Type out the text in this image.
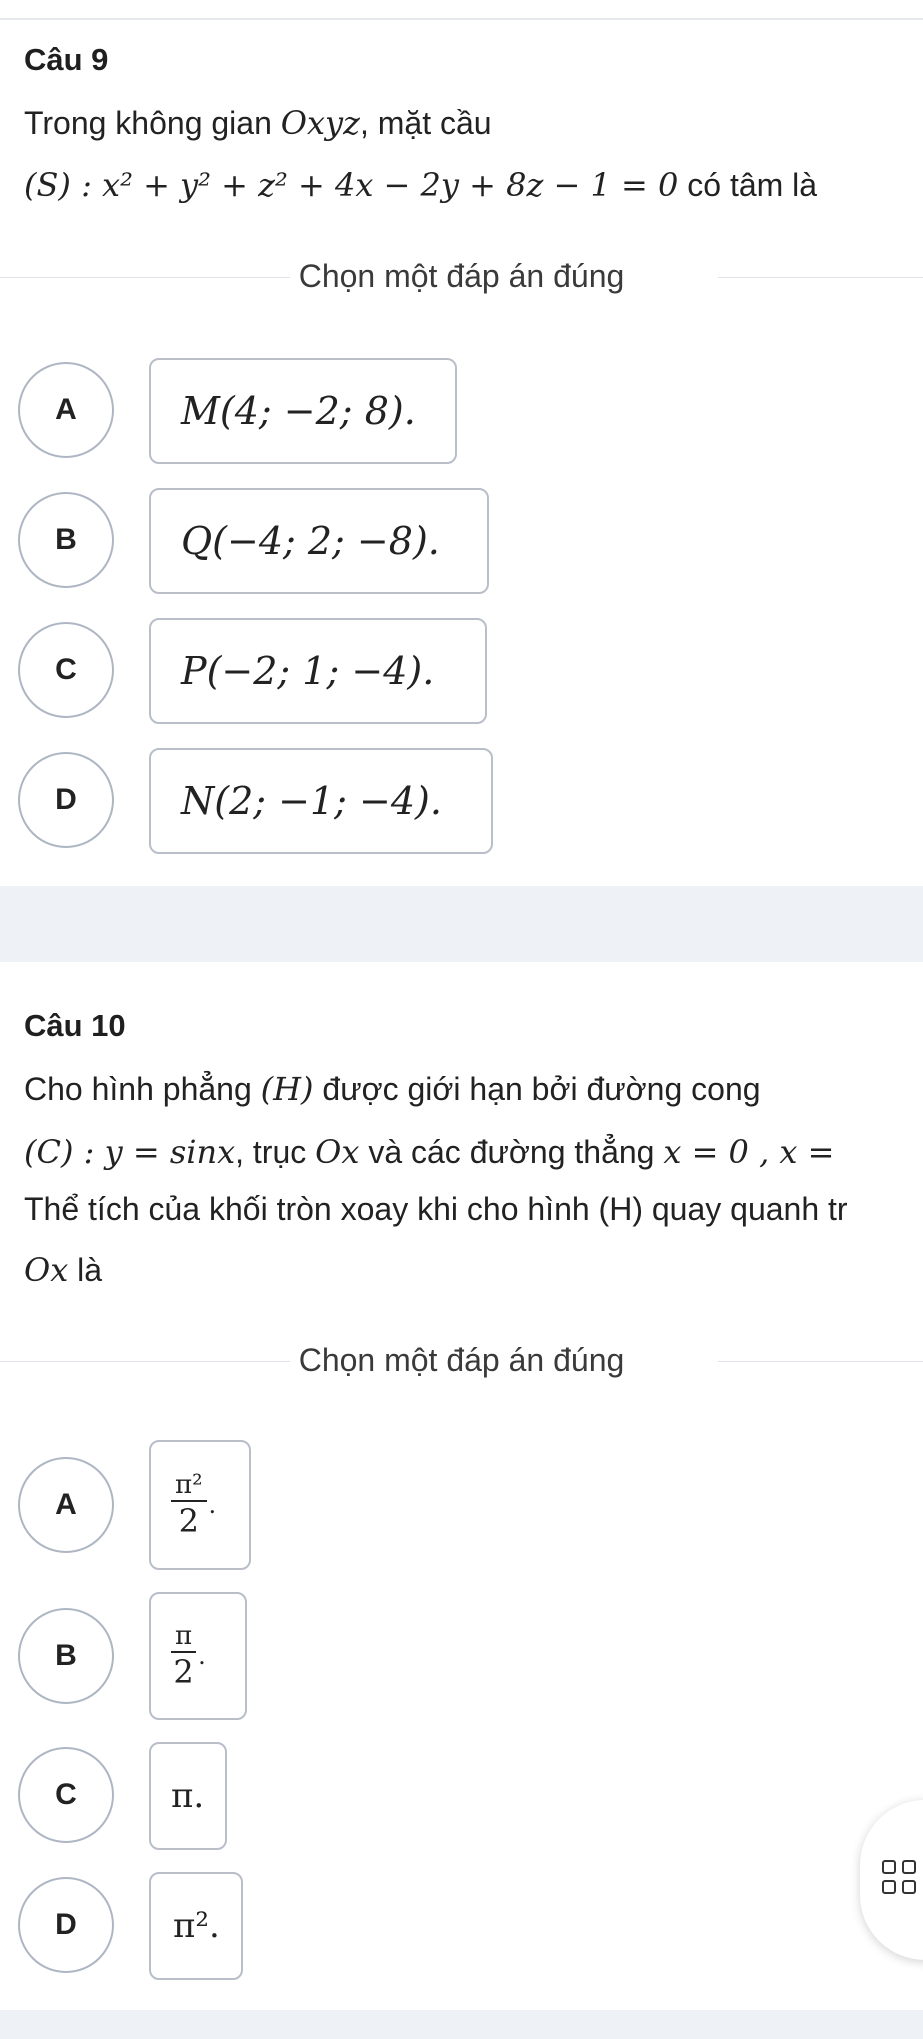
Câu 9
Trong không gian Oxyz, mặt cầu
(S) : x² + y² + z² + 4x − 2y + 8z − 1 = 0 có tâm là
Chọn một đáp án đúng
A	M(4; −2; 8).
B	Q(−4; 2; −8).
C	P(−2; 1; −4).
D	N(2; −1; −4).
Câu 10
Cho hình phẳng (H) được giới hạn bởi đường cong
(C) : y = sinx, trục Ox và các đường thẳng x = 0 , x =
Thể tích của khối tròn xoay khi cho hình (H) quay quanh tr
Ox là
Chọn một đáp án đúng
A	$\frac{\text{π²}}{2}$ .
B	$\frac{\pi}{2}$ .
C	π.
D	π².
